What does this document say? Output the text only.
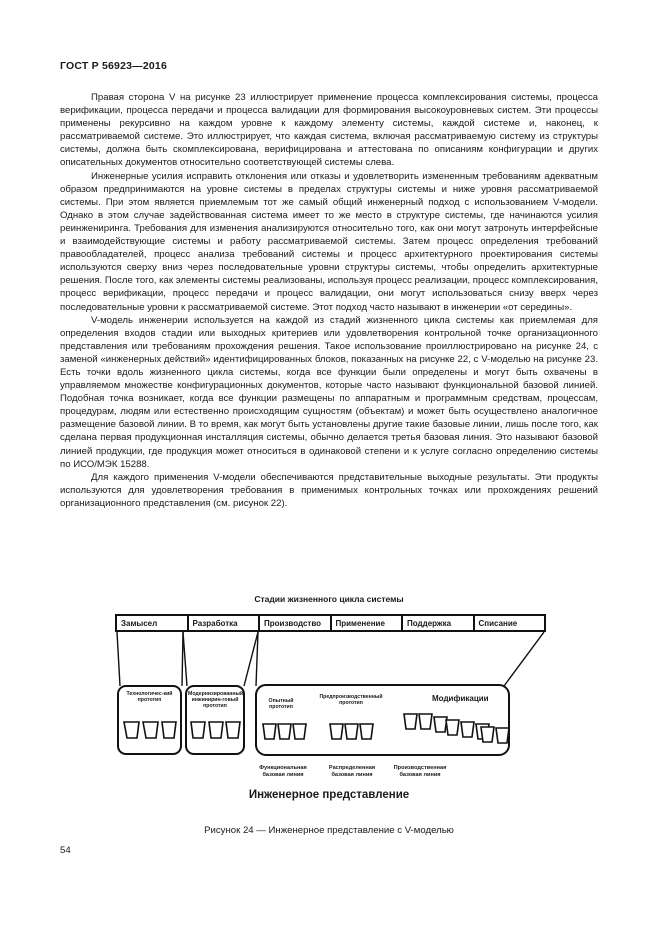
ГОСТ Р 56923—2016

Правая сторона V на рисунке 23 иллюстрирует применение процесса комплексирования системы, процесса верификации, процесса передачи и процесса валидации для формирования высокоуровневых систем. Эти процессы применены рекурсивно на каждом уровне к каждому элементу системы, каждой системе и, наконец, к рассматриваемой системе. Это иллюстрирует, что каждая система, включая рассматриваемую систему из структуры системы, должна быть скомплексирована, верифицирована и аттестована по описаниям конфигурации и других описательных документов относительно соответствующей системы слева.

Инженерные усилия исправить отклонения или отказы и удовлетворить измененным требованиям адекватным образом предпринимаются на уровне системы в пределах структуры системы и ниже уровня рассматриваемой системы. При этом является приемлемым тот же самый общий инженерный подход с использованием V-модели. Однако в этом случае задействованная система имеет то же место в структуре системы, где начинаются усилия реинжениринга. Требования для изменения анализируются относительно того, как они могут затронуть интерфейсные и взаимодействующие системы и работу рассматриваемой системы. Затем процесс определения требований правообладателей, процесс анализа требований системы и процесс архитектурного проектирования системы используются сверху вниз через последовательные уровни структуры системы, чтобы определить архитектурные решения. После того, как элементы системы реализованы, используя процесс реализации, процесс комплексирования, процесс верификации, процесс передачи и процесс валидации, они могут использоваться снизу вверх через последовательные уровни к рассматриваемой системе. Этот подход часто называют в инженерии «от середины».

V-модель инженерии используется на каждой из стадий жизненного цикла системы как приемлемая для определения входов стадии или выходных критериев или удовлетворения контрольной точке организационного представления или требованиям прохождения решения. Такое использование проиллюстрировано на рисунке 24, с заменой «инженерных действий» идентифицированных блоков, показанных на рисунке 22, с V-моделью на рисунке 23. Есть точки вдоль жизненного цикла системы, когда все функции были определены и могут быть охвачены в управляемом множестве конфигурационных документов, которые часто называют функциональной базовой линией. Подобная точка возникает, когда все функции размещены по аппаратным и программным средствам, процессам, процедурам, людям или естественно происходящим сущностям (объектам) и может быть осуществлено аналогичное размещение базовой линии. В то время, как могут быть установлены другие такие базовые линии, лишь после того, как сделана первая продукционная инсталляция системы, обычно делается третья базовая линия. Это называют базовой линией продукции, где продукция может относиться в одинаковой степени и к услуге согласно определению системы по ИСО/МЭК 15288.

Для каждого применения V-модели обеспечиваются представительные выходные результаты. Эти продукты используются для удовлетворения требования в применимых контрольных точках или прохождениях решений организационного представления (см. рисунок 22).

Стадии жизненного цикла системы
Замысел	Разработка	Производство	Применение	Поддержка	Списание
Технологичес-кий прототип
Модернизированный инжинирин-говый прототип
Опытный прототип
Предпроизводственный прототип	Модификации
Функциональная базовая линия
Распределенная базовая линия
Производственная базовая линия
Инженерное представление
Рисунок 24 — Инженерное представление с V-моделью
54
